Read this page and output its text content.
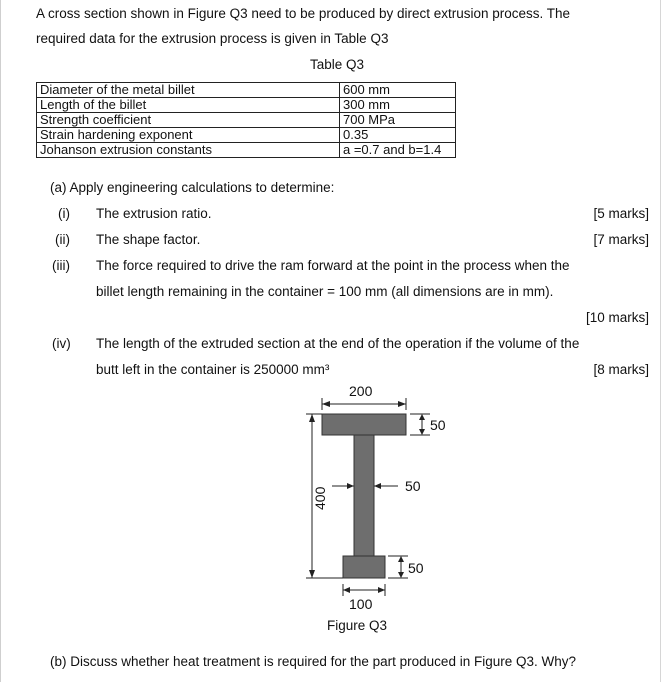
A cross section shown in Figure Q3 need to be produced by direct extrusion process. The
required data for the extrusion process is given in Table Q3
Table Q3
Diameter of the metal billet	600 mm
Length of the billet	300 mm
Strength coefficient	700 MPa
Strain hardening exponent	0.35
Johanson extrusion constants	a =0.7 and b=1.4
(a) Apply engineering calculations to determine:
(i) The extrusion ratio.	[5 marks]
(ii) The shape factor.	[7 marks]
(iii) The force required to drive the ram forward at the point in the process when the
billet length remaining in the container = 100 mm (all dimensions are in mm).
[10 marks]
(iv) The length of the extruded section at the end of the operation if the volume of the
butt left in the container is 250000 mm³	[8 marks]
200
50
50
50
400
100
Figure Q3
(b) Discuss whether heat treatment is required for the part produced in Figure Q3. Why?
